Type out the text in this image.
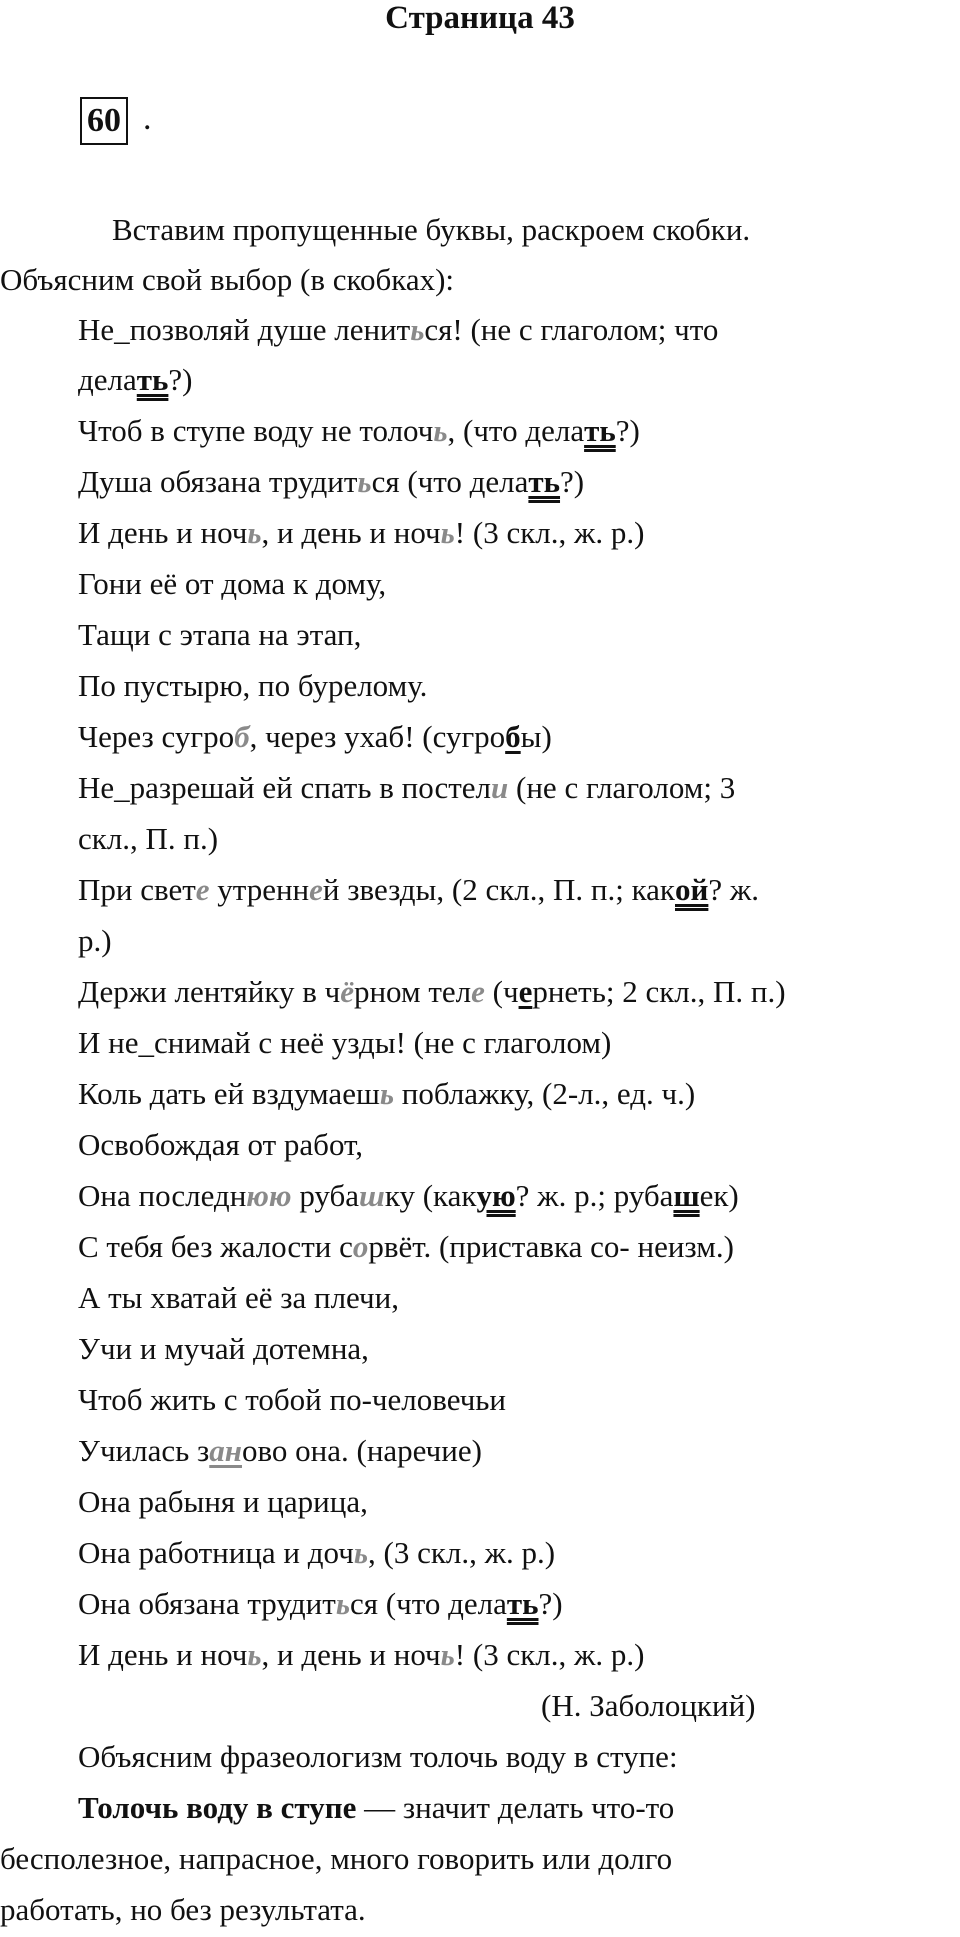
Страница 43
60 .
Вставим пропущенные буквы, раскроем скобки.
Объясним свой выбор (в скобках):
Не_позволяй душе лениться! (не с глаголом; что
делать?)
Чтоб в ступе воду не толочь, (что делать?)
Душа обязана трудиться (что делать?)
И день и ночь, и день и ночь! (3 скл., ж. р.)
Гони её от дома к дому,
Тащи с этапа на этап,
По пустырю, по бурелому.
Через сугроб, через ухаб! (сугробы)
Не_разрешай ей спать в постели (не с глаголом; 3
скл., П. п.)
При свете утренней звезды, (2 скл., П. п.; какой? ж.
р.)
Держи лентяйку в чёрном теле (чернеть; 2 скл., П. п.)
И не_снимай с неё узды! (не с глаголом)
Коль дать ей вздумаешь поблажку, (2-л., ед. ч.)
Освобождая от работ,
Она последнюю рубашку (какую? ж. р.; рубашек)
С тебя без жалости сорвёт. (приставка со- неизм.)
А ты хватай её за плечи,
Учи и мучай дотемна,
Чтоб жить с тобой по-человечьи
Училась заново она. (наречие)
Она рабыня и царица,
Она работница и дочь, (3 скл., ж. р.)
Она обязана трудиться (что делать?)
И день и ночь, и день и ночь! (3 скл., ж. р.)
(Н. Заболоцкий)
Объясним фразеологизм толочь воду в ступе:
Толочь воду в ступе — значит делать что-то
бесполезное, напрасное, много говорить или долго
работать, но без результата.
